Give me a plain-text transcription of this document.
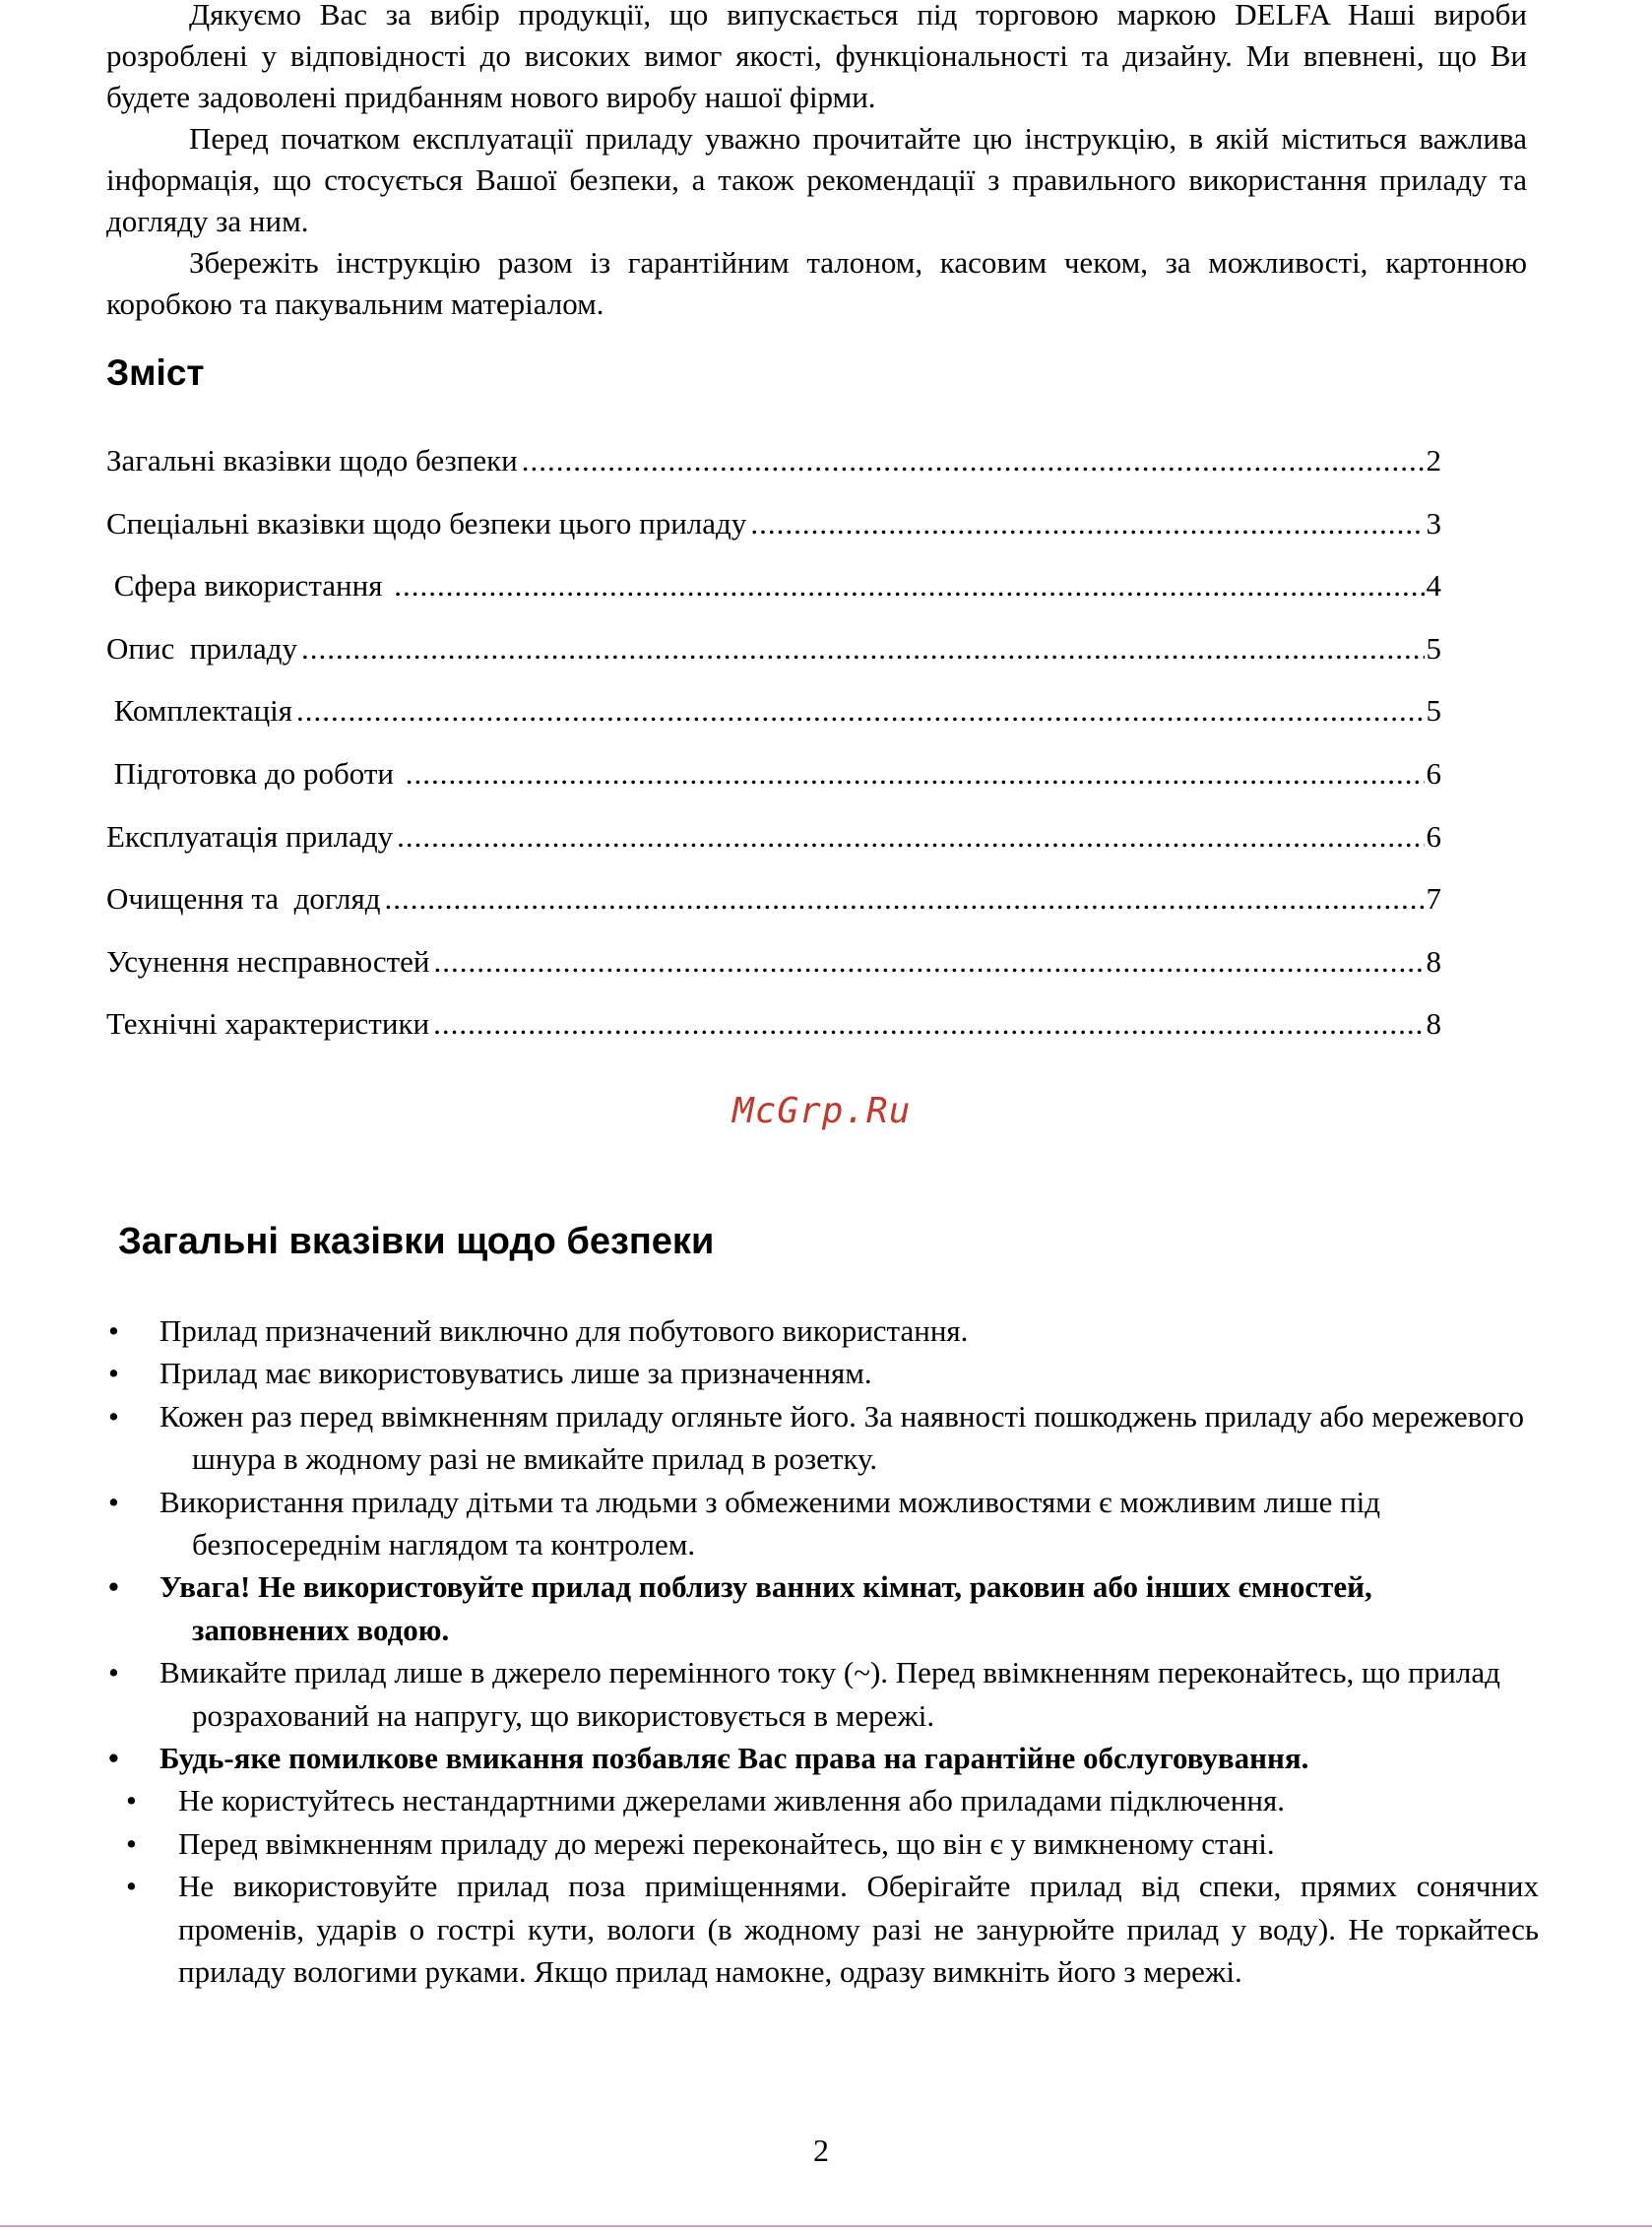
Дякуємо Вас за вибір продукції, що випускається під торговою маркою DELFA Наші вироби розроблені у відповідності до високих вимог якості, функціональності та дизайну. Ми впевнені, що Ви будете задоволені придбанням нового виробу нашої фірми.

Перед початком експлуатації приладу уважно прочитайте цю інструкцію, в якій міститься важлива інформація, що стосується Вашої безпеки, а також рекомендації з правильного використання приладу та догляду за ним.

Збережіть інструкцію разом із гарантійним талоном, касовим чеком, за можливості, картонною коробкою та пакувальним матеріалом.

Зміст
Загальні вказівки щодо безпеки .....	2
Спеціальні вказівки щодо безпеки цього приладу .....	3
Сфера використання .....	4
Опис  приладу .....	5
Комплектація .....	5
Підготовка до роботи .....	6
Експлуатація приладу .....	6
Очищення та  догляд .....	7
Усунення несправностей .....	8
Технічні характеристики .....	8
McGrp.Ru
Загальні вказівки щодо безпеки
• Прилад призначений виключно для побутового використання.
• Прилад має використовуватись лише за призначенням.
• Кожен раз перед ввімкненням приладу огляньте його. За наявності пошкоджень приладу або мережевого шнура в жодному разі не вмикайте прилад в розетку.
• Використання приладу дітьми та людьми з обмеженими можливостями є можливим лише під безпосереднім наглядом та контролем.
• Увага! Не використовуйте прилад поблизу ванних кімнат, раковин або інших ємностей, заповнених водою.
• Вмикайте прилад лише в джерело перемінного току (~). Перед ввімкненням переконайтесь, що прилад розрахований на напругу, що використовується в мережі.
• Будь-яке помилкове вмикання позбавляє Вас права на гарантійне обслуговування.
• Не користуйтесь нестандартними джерелами живлення або приладами підключення.
• Перед ввімкненням приладу до мережі переконайтесь, що він є у вимкненому стані.
• Не використовуйте прилад поза приміщеннями. Оберігайте прилад від спеки, прямих сонячних променів, ударів о гострі кути, вологи (в жодному разі не занурюйте прилад у воду). Не торкайтесь приладу вологими руками. Якщо прилад намокне, одразу вимкніть його з мережі.
2
